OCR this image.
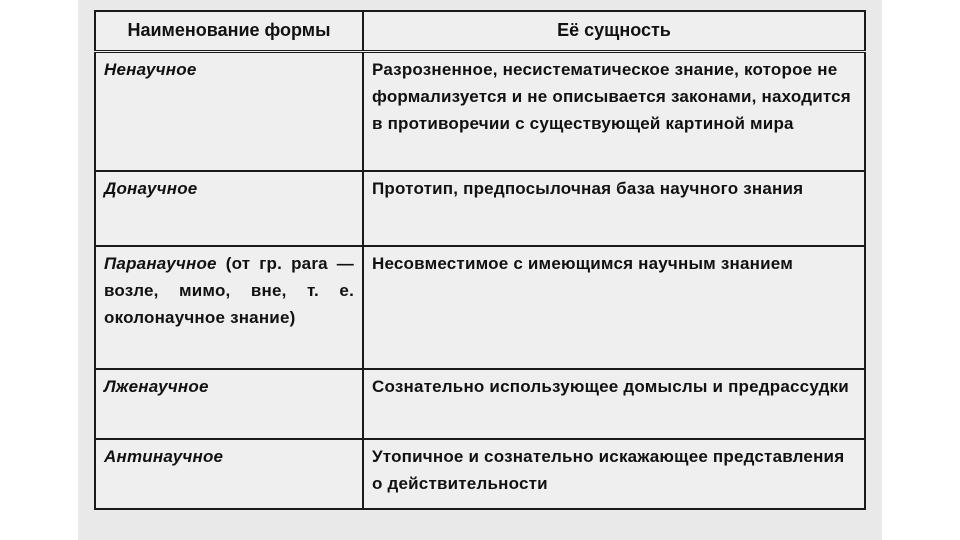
Наименование формы	Её сущность
Ненаучное	Разрозненное, несистематическое знание, которое не формализуется и не описывается законами, находится в противоречии с существующей картиной мира
Донаучное	Прототип, предпосылочная база научного знания
Паранаучное (от гр. para — возле, мимо, вне, т. е. околонаучное знание)	Несовместимое с имеющимся научным знанием
Лженаучное	Сознательно использующее домыслы и предрассудки
Антинаучное	Утопичное и сознательно искажающее представления о действительности
